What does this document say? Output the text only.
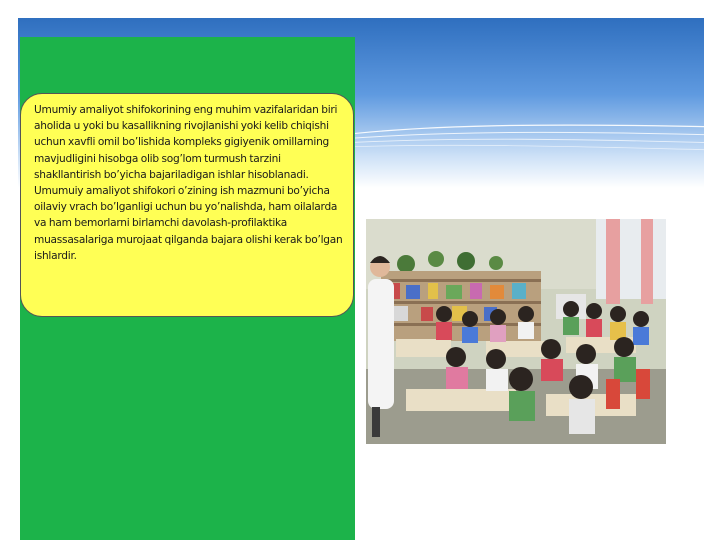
Umumiy amaliyot shifokorining eng muhim vazifalaridan biri aholida u yoki bu kasallikning rivojlanishi yoki kelib chiqishi uchun xavfli omil bo’lishida kompleks gigiyenik omillarning mavjudligini hisobga olib sog’lom turmush tarzini shakllantirish bo’yicha bajariladigan ishlar hisoblanadi. Umumuiy amaliyot shifokori o’zining ish mazmuni bo’yicha oilaviy vrach bo’lganligi uchun bu yo’nalishda, ham oilalarda va ham bemorlarni birlamchi davolash-profilaktika muassasalariga murojaat qilganda bajara olishi kerak bo’lgan ishlardir.
